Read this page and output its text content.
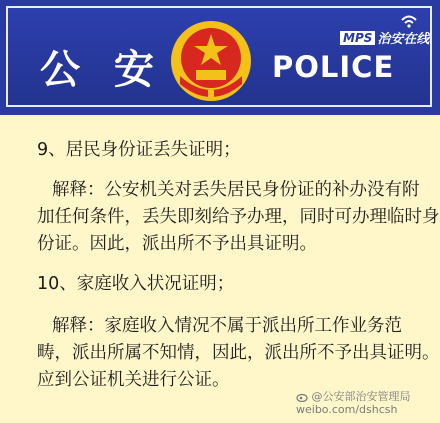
公 安	POLICE
MPS 治安在线
9、居民身份证丢失证明；
解释：公安机关对丢失居民身份证的补办没有附
加任何条件，丢失即刻给予办理，同时可办理临时身
份证。因此，派出所不予出具证明。
10、家庭收入状况证明；
解释：家庭收入情况不属于派出所工作业务范
畴，派出所属不知情，因此，派出所不予出具证明。
应到公证机关进行公证。
@公安部治安管理局
weibo.com/dshcsh
